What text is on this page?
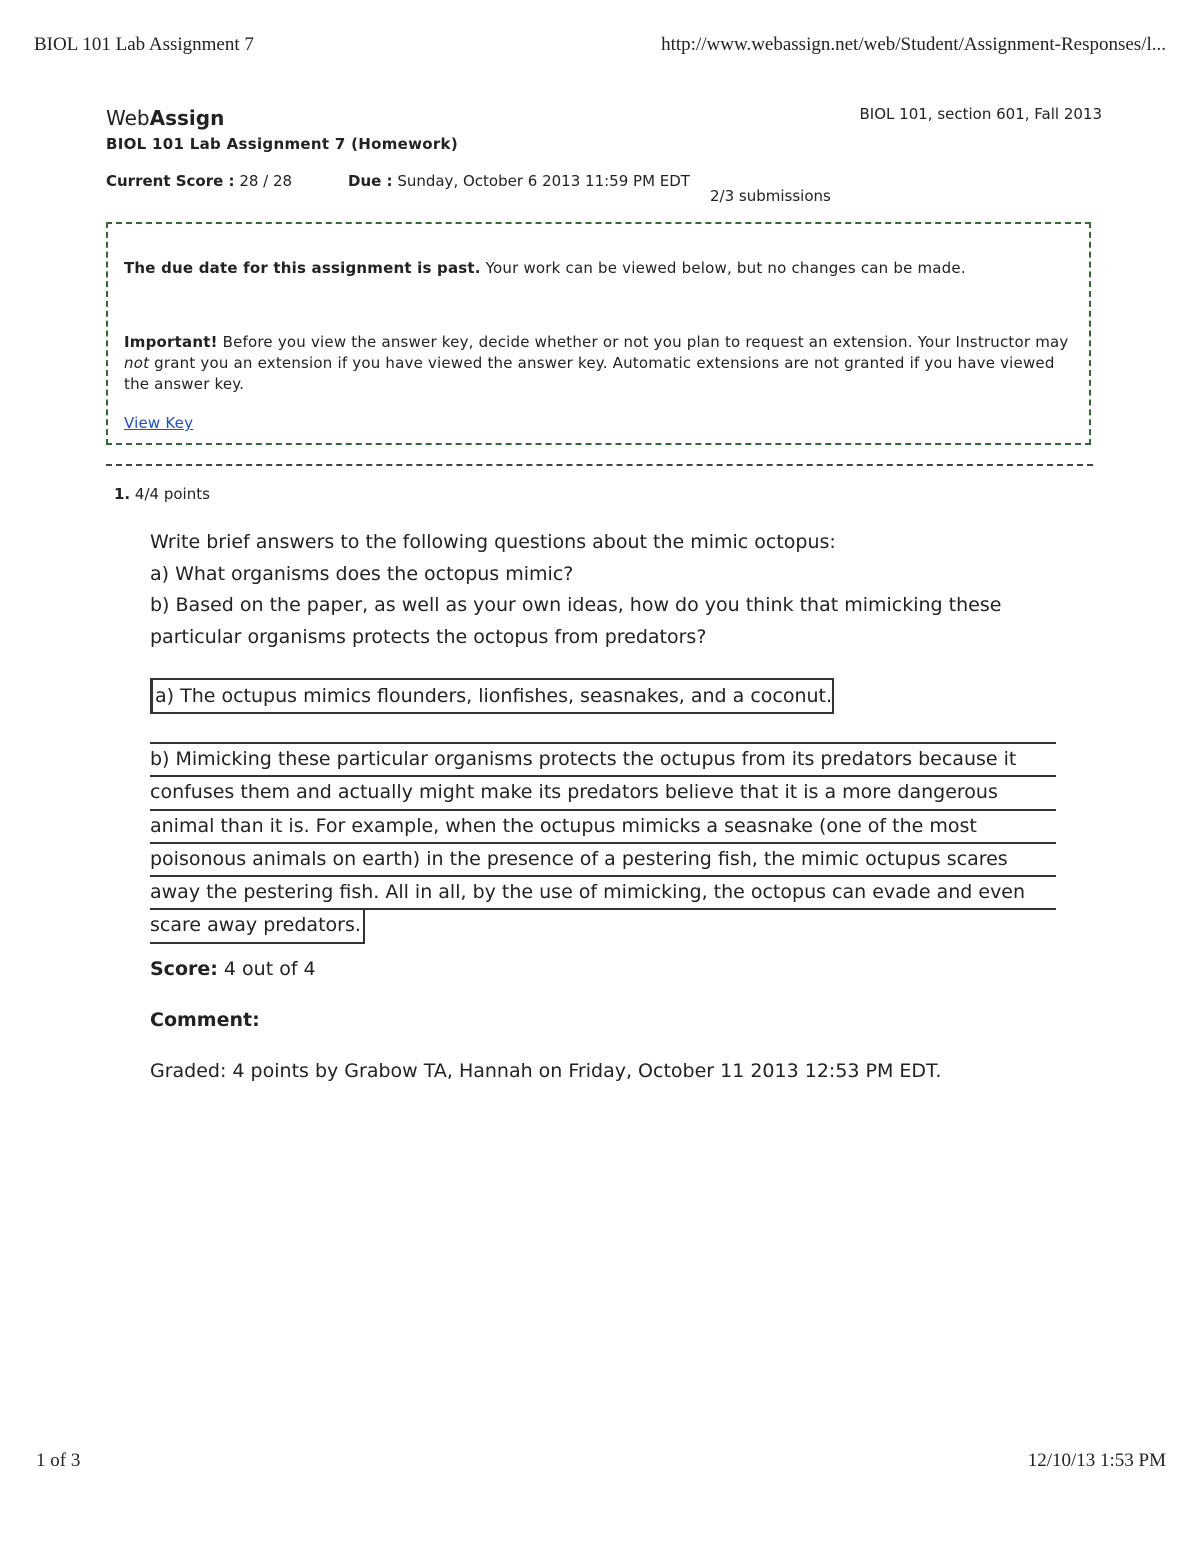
BIOL 101 Lab Assignment 7	http://www.webassign.net/web/Student/Assignment-Responses/l...
WebAssign	BIOL 101, section 601, Fall 2013
BIOL 101 Lab Assignment 7 (Homework)
Current Score : 28 / 28	Due : Sunday, October 6 2013 11:59 PM EDT
2/3 submissions

The due date for this assignment is past. Your work can be viewed below, but no changes can be made.

Important! Before you view the answer key, decide whether or not you plan to request an extension. Your Instructor may not grant you an extension if you have viewed the answer key. Automatic extensions are not granted if you have viewed the answer key.

View Key

1. 4/4 points
Write brief answers to the following questions about the mimic octopus:
a) What organisms does the octopus mimic?
b) Based on the paper, as well as your own ideas, how do you think that mimicking these
particular organisms protects the octopus from predators?
a) The octupus mimics flounders, lionfishes, seasnakes, and a coconut.
b) Mimicking these particular organisms protects the octupus from its predators because it
confuses them and actually might make its predators believe that it is a more dangerous
animal than it is. For example, when the octupus mimicks a seasnake (one of the most
poisonous animals on earth) in the presence of a pestering fish, the mimic octupus scares
away the pestering fish. All in all, by the use of mimicking, the octopus can evade and even
scare away predators.
Score: 4 out of 4
Comment:
Graded: 4 points by Grabow TA, Hannah on Friday, October 11 2013 12:53 PM EDT.
1 of 3	12/10/13 1:53 PM
